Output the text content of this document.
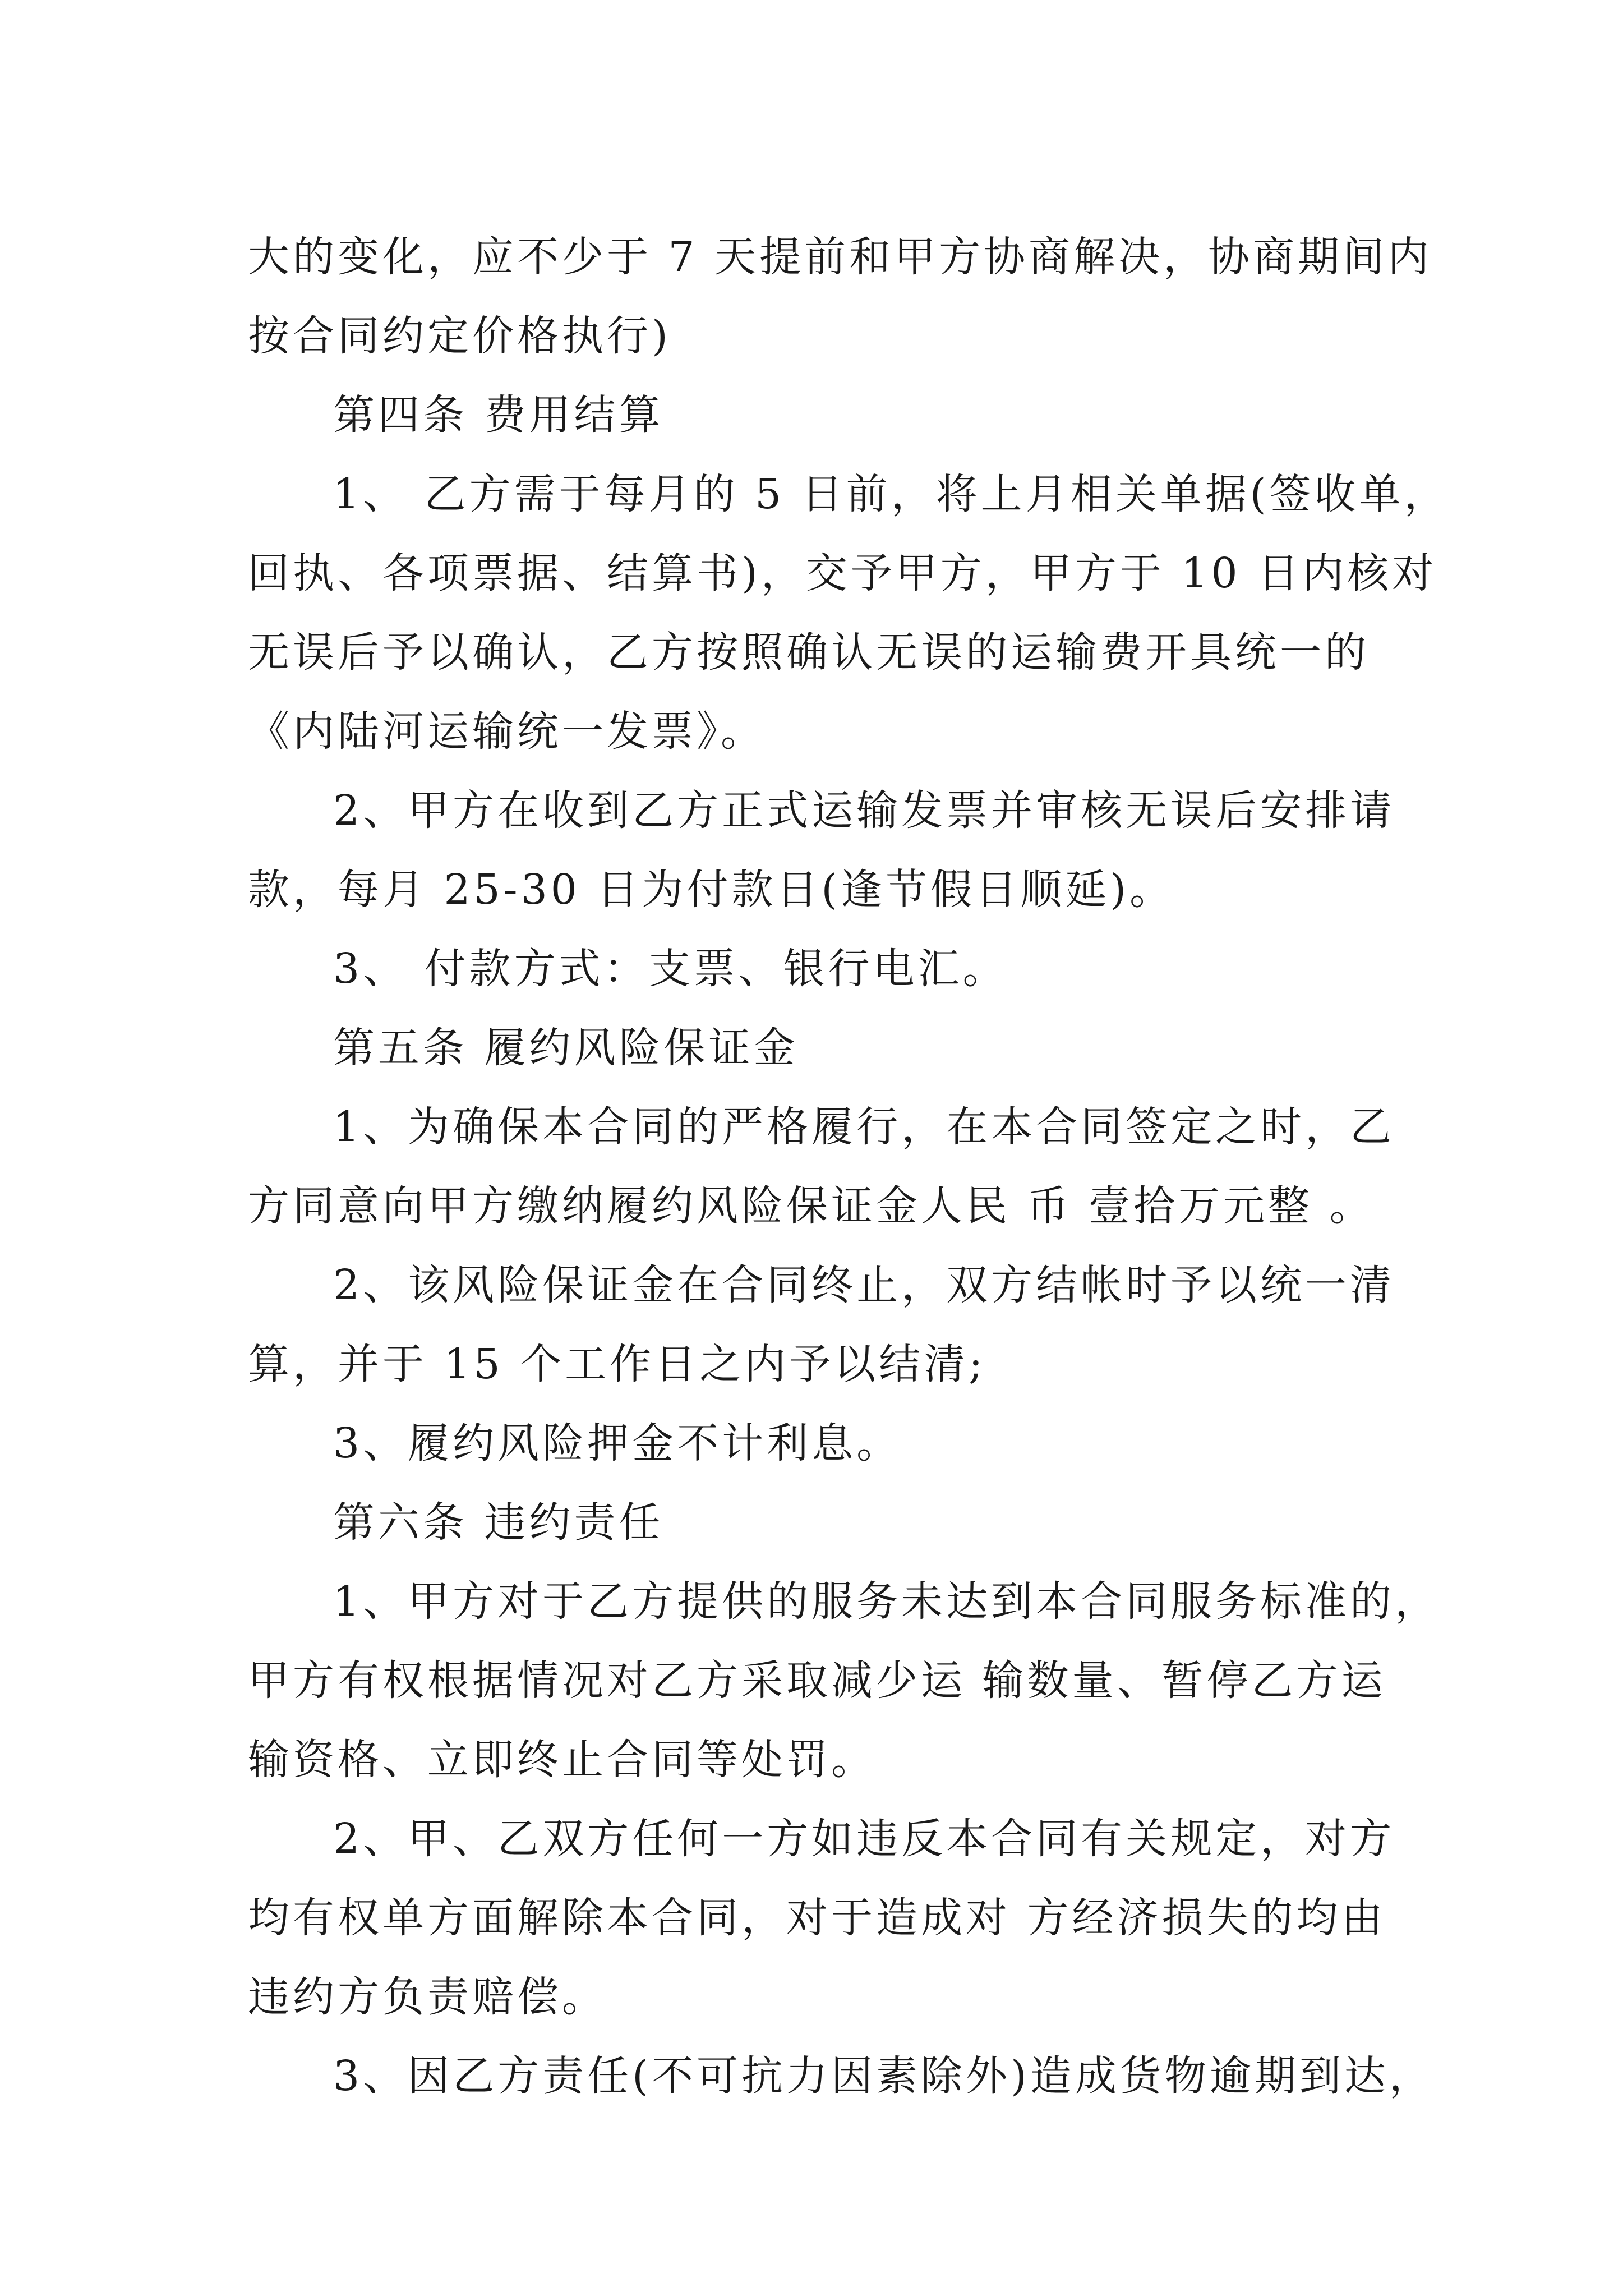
大的变化，应不少于 7 天提前和甲方协商解决，协商期间内
按合同约定价格执行)
第四条 费用结算
1、 乙方需于每月的 5 日前，将上月相关单据(签收单，
回执、各项票据、结算书)，交予甲方，甲方于 10 日内核对
无误后予以确认，乙方按照确认无误的运输费开具统一的
《内陆河运输统一发票》。
2、甲方在收到乙方正式运输发票并审核无误后安排请
款，每月 25-30 日为付款日(逢节假日顺延)。
3、 付款方式：支票、银行电汇。
第五条 履约风险保证金
1、为确保本合同的严格履行，在本合同签定之时，乙
方同意向甲方缴纳履约风险保证金人民 币 壹拾万元整 。
2、该风险保证金在合同终止，双方结帐时予以统一清
算，并于 15 个工作日之内予以结清;
3、履约风险押金不计利息。
第六条 违约责任
1、甲方对于乙方提供的服务未达到本合同服务标准的，
甲方有权根据情况对乙方采取减少运 输数量、暂停乙方运
输资格、立即终止合同等处罚。
2、甲、乙双方任何一方如违反本合同有关规定，对方
均有权单方面解除本合同，对于造成对 方经济损失的均由
违约方负责赔偿。
3、因乙方责任(不可抗力因素除外)造成货物逾期到达，
